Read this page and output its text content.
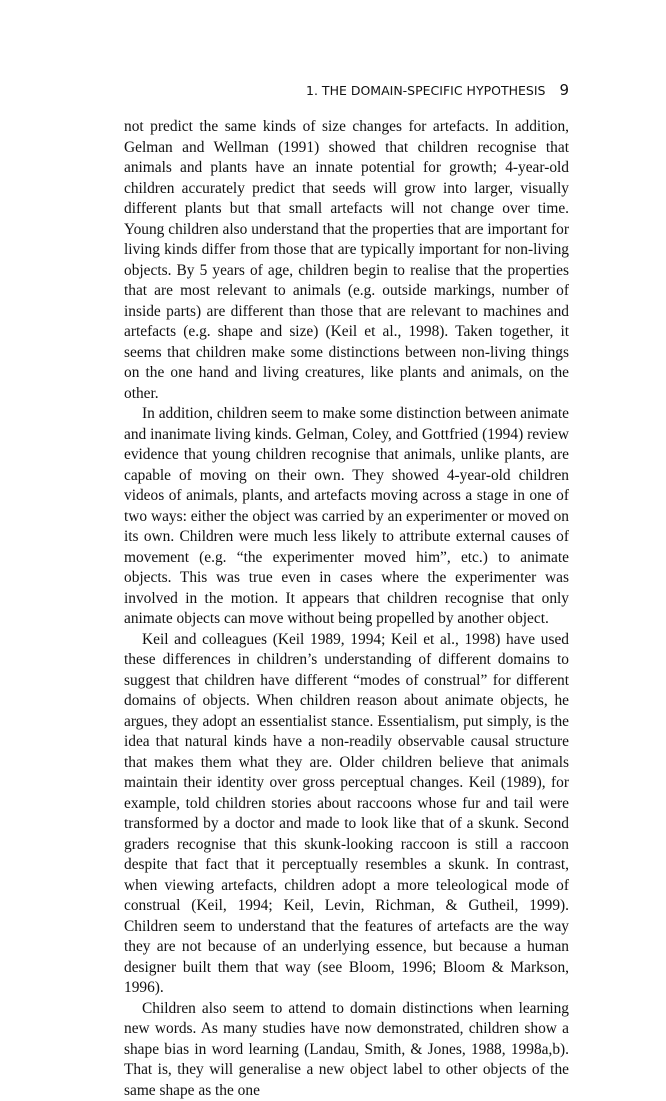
1. THE DOMAIN-SPECIFIC HYPOTHESIS 9

not predict the same kinds of size changes for artefacts. In addition, Gelman and Wellman (1991) showed that children recognise that animals and plants have an innate potential for growth; 4-year-old children accurately predict that seeds will grow into larger, visually different plants but that small artefacts will not change over time. Young children also understand that the properties that are important for living kinds differ from those that are typically important for non-living objects. By 5 years of age, children begin to realise that the properties that are most relevant to animals (e.g. outside markings, number of inside parts) are different than those that are relevant to machines and artefacts (e.g. shape and size) (Keil et al., 1998). Taken together, it seems that children make some distinctions between non-living things on the one hand and living creatures, like plants and animals, on the other.

In addition, children seem to make some distinction between animate and inanimate living kinds. Gelman, Coley, and Gottfried (1994) review evidence that young children recognise that animals, unlike plants, are capable of moving on their own. They showed 4-year-old children videos of animals, plants, and artefacts moving across a stage in one of two ways: either the object was carried by an experimenter or moved on its own. Children were much less likely to attribute external causes of movement (e.g. “the experimenter moved him”, etc.) to animate objects. This was true even in cases where the experimenter was involved in the motion. It appears that children recognise that only animate objects can move without being propelled by another object.

Keil and colleagues (Keil 1989, 1994; Keil et al., 1998) have used these differences in children’s understanding of different domains to suggest that children have different “modes of construal” for different domains of objects. When children reason about animate objects, he argues, they adopt an essentialist stance. Essentialism, put simply, is the idea that natural kinds have a non-readily observable causal structure that makes them what they are. Older children believe that animals maintain their identity over gross perceptual changes. Keil (1989), for example, told children stories about raccoons whose fur and tail were transformed by a doctor and made to look like that of a skunk. Second graders recognise that this skunk-looking raccoon is still a raccoon despite that fact that it perceptually resembles a skunk. In contrast, when viewing artefacts, children adopt a more teleological mode of construal (Keil, 1994; Keil, Levin, Richman, & Gutheil, 1999). Children seem to understand that the features of artefacts are the way they are not because of an underlying essence, but because a human designer built them that way (see Bloom, 1996; Bloom & Markson, 1996).

Children also seem to attend to domain distinctions when learning new words. As many studies have now demonstrated, children show a shape bias in word learning (Landau, Smith, & Jones, 1988, 1998a,b). That is, they will generalise a new object label to other objects of the same shape as the one
